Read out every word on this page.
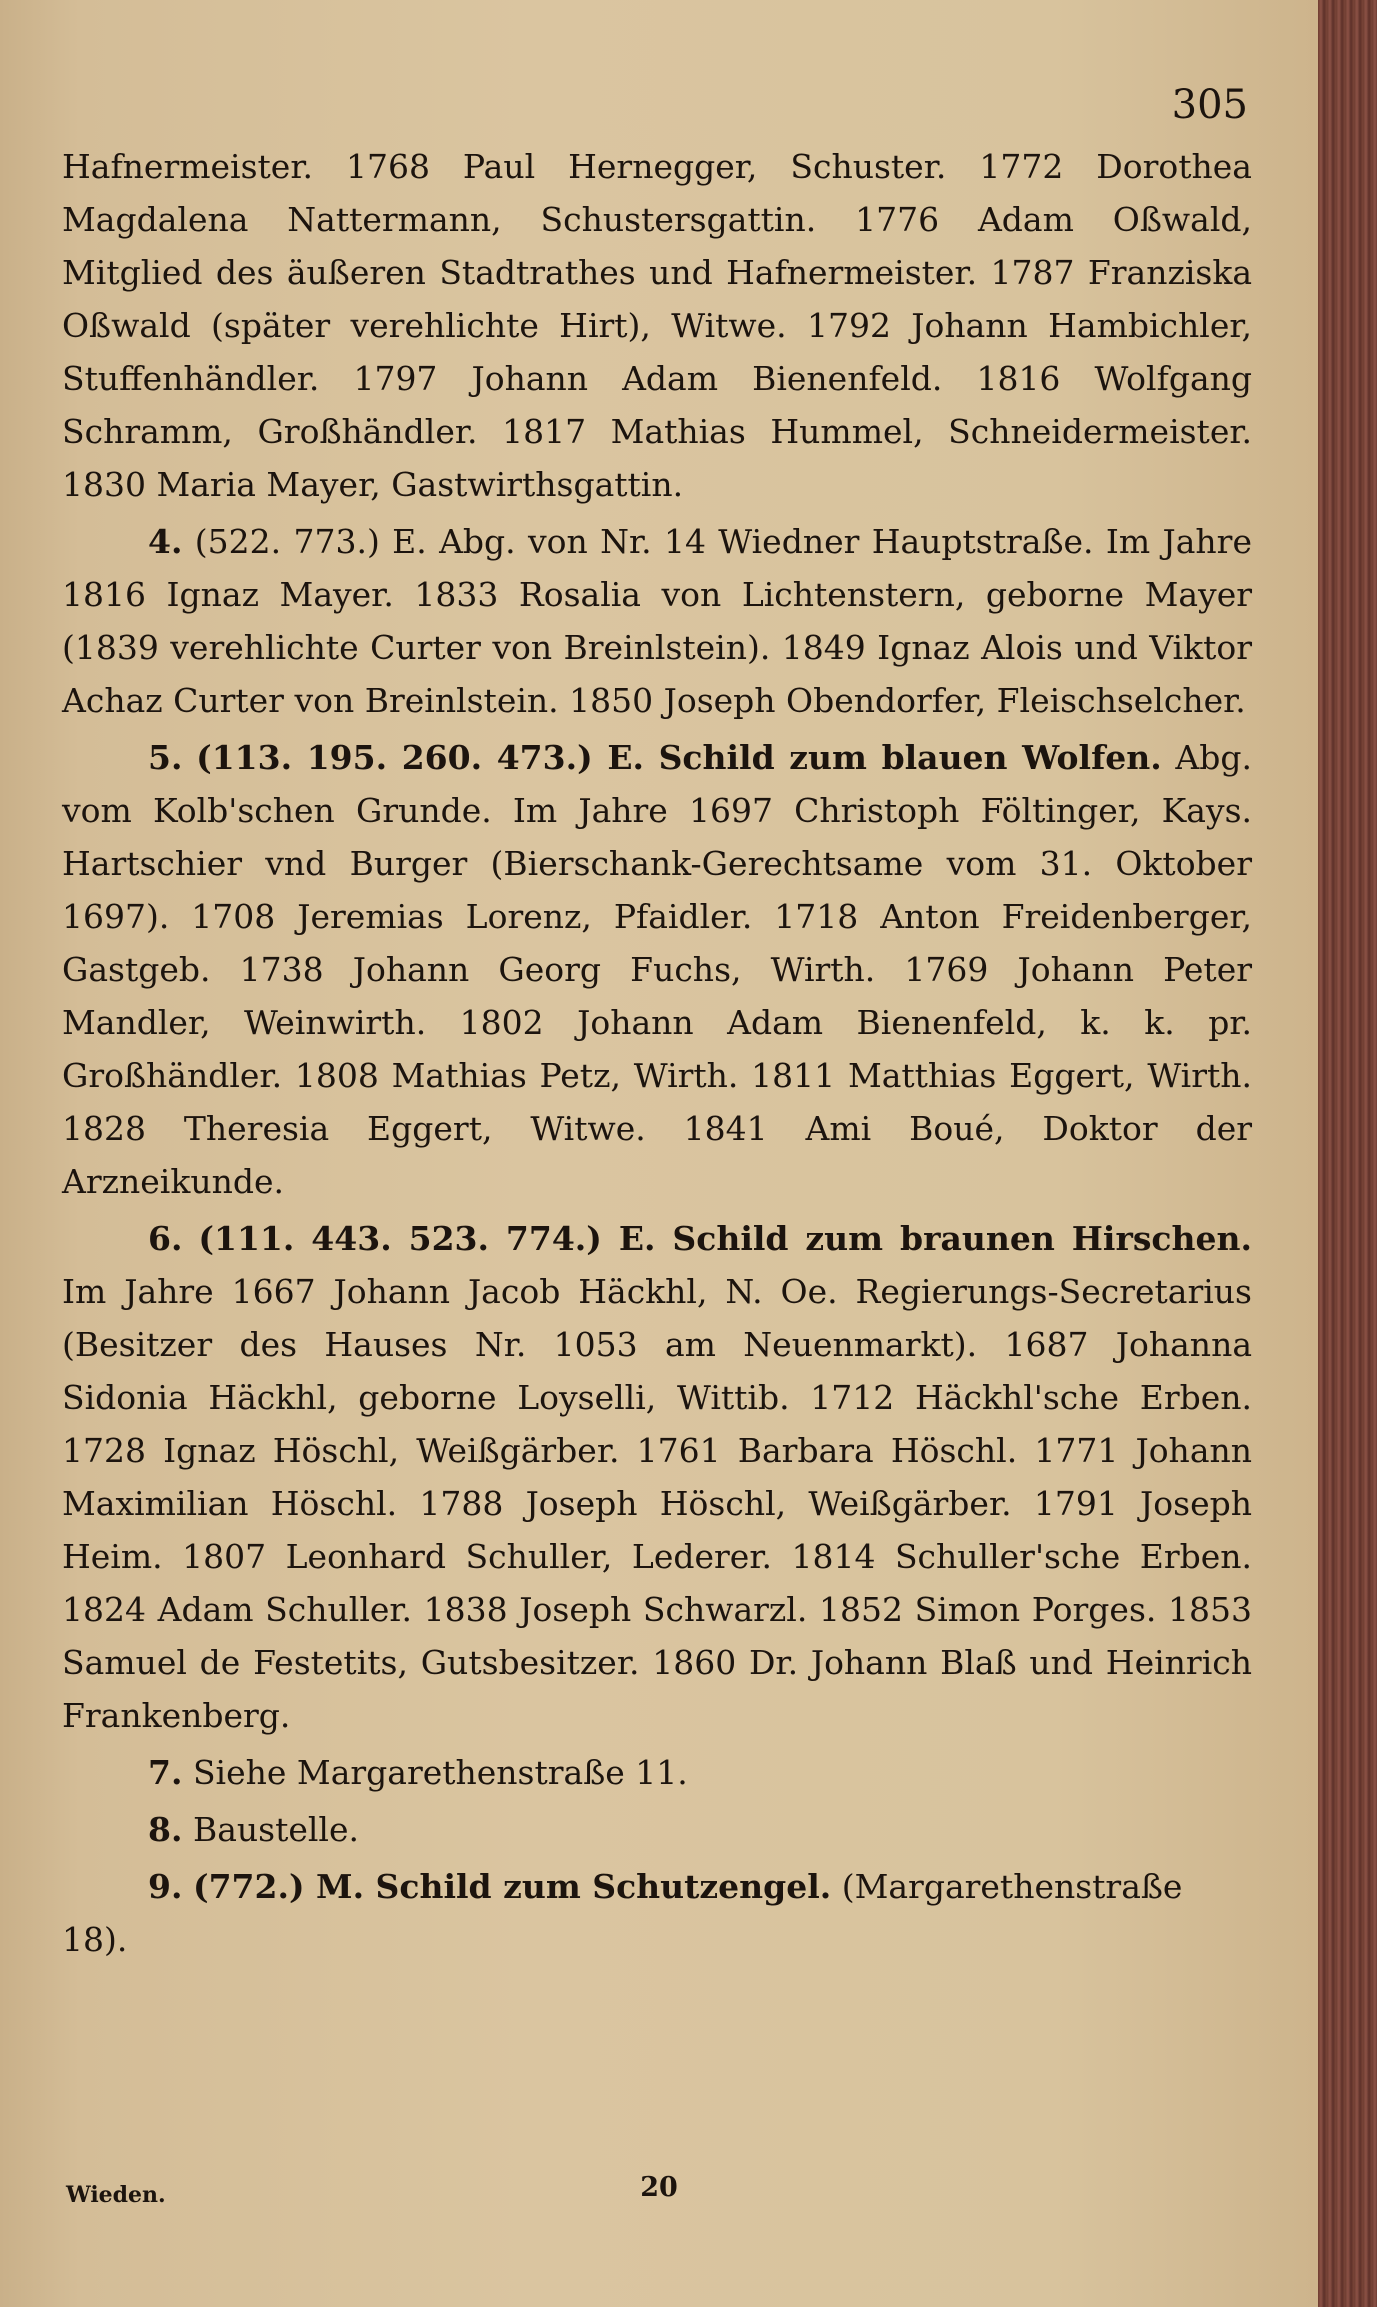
305

Hafnermeister. 1768 Paul Hernegger, Schuster. 1772 Dorothea Magdalena Nattermann, Schustersgattin. 1776 Adam Oßwald, Mitglied des äußeren Stadtrathes und Hafnermeister. 1787 Franziska Oßwald (später verehlichte Hirt), Witwe. 1792 Johann Hambichler, Stuffenhändler. 1797 Johann Adam Bienenfeld. 1816 Wolfgang Schramm, Großhändler. 1817 Mathias Hummel, Schneidermeister. 1830 Maria Mayer, Gastwirthsgattin.

4. (522. 773.) E. Abg. von Nr. 14 Wiedner Hauptstraße. Im Jahre 1816 Ignaz Mayer. 1833 Rosalia von Lichtenstern, geborne Mayer (1839 verehlichte Curter von Breinlstein). 1849 Ignaz Alois und Viktor Achaz Curter von Breinlstein. 1850 Joseph Obendorfer, Fleischselcher.

5. (113. 195. 260. 473.) E. Schild zum blauen Wolfen. Abg. vom Kolb'schen Grunde. Im Jahre 1697 Christoph Föltinger, Kays. Hartschier vnd Burger (Bierschank-Gerechtsame vom 31. Oktober 1697). 1708 Jeremias Lorenz, Pfaidler. 1718 Anton Freidenberger, Gastgeb. 1738 Johann Georg Fuchs, Wirth. 1769 Johann Peter Mandler, Weinwirth. 1802 Johann Adam Bienenfeld, k. k. pr. Großhändler. 1808 Mathias Petz, Wirth. 1811 Matthias Eggert, Wirth. 1828 Theresia Eggert, Witwe. 1841 Ami Boué, Doktor der Arzneikunde.

6. (111. 443. 523. 774.) E. Schild zum braunen Hirschen. Im Jahre 1667 Johann Jacob Häckhl, N. Oe. Regierungs-Secretarius (Besitzer des Hauses Nr. 1053 am Neuenmarkt). 1687 Johanna Sidonia Häckhl, geborne Loyselli, Wittib. 1712 Häckhl'sche Erben. 1728 Ignaz Höschl, Weißgärber. 1761 Barbara Höschl. 1771 Johann Maximilian Höschl. 1788 Joseph Höschl, Weißgärber. 1791 Joseph Heim. 1807 Leonhard Schuller, Lederer. 1814 Schuller'sche Erben. 1824 Adam Schuller. 1838 Joseph Schwarzl. 1852 Simon Porges. 1853 Samuel de Festetits, Gutsbesitzer. 1860 Dr. Johann Blaß und Heinrich Frankenberg.

7. Siehe Margarethenstraße 11.

8. Baustelle.

9. (772.) M. Schild zum Schutzengel. (Margarethenstraße 18).

Wieden.	20
